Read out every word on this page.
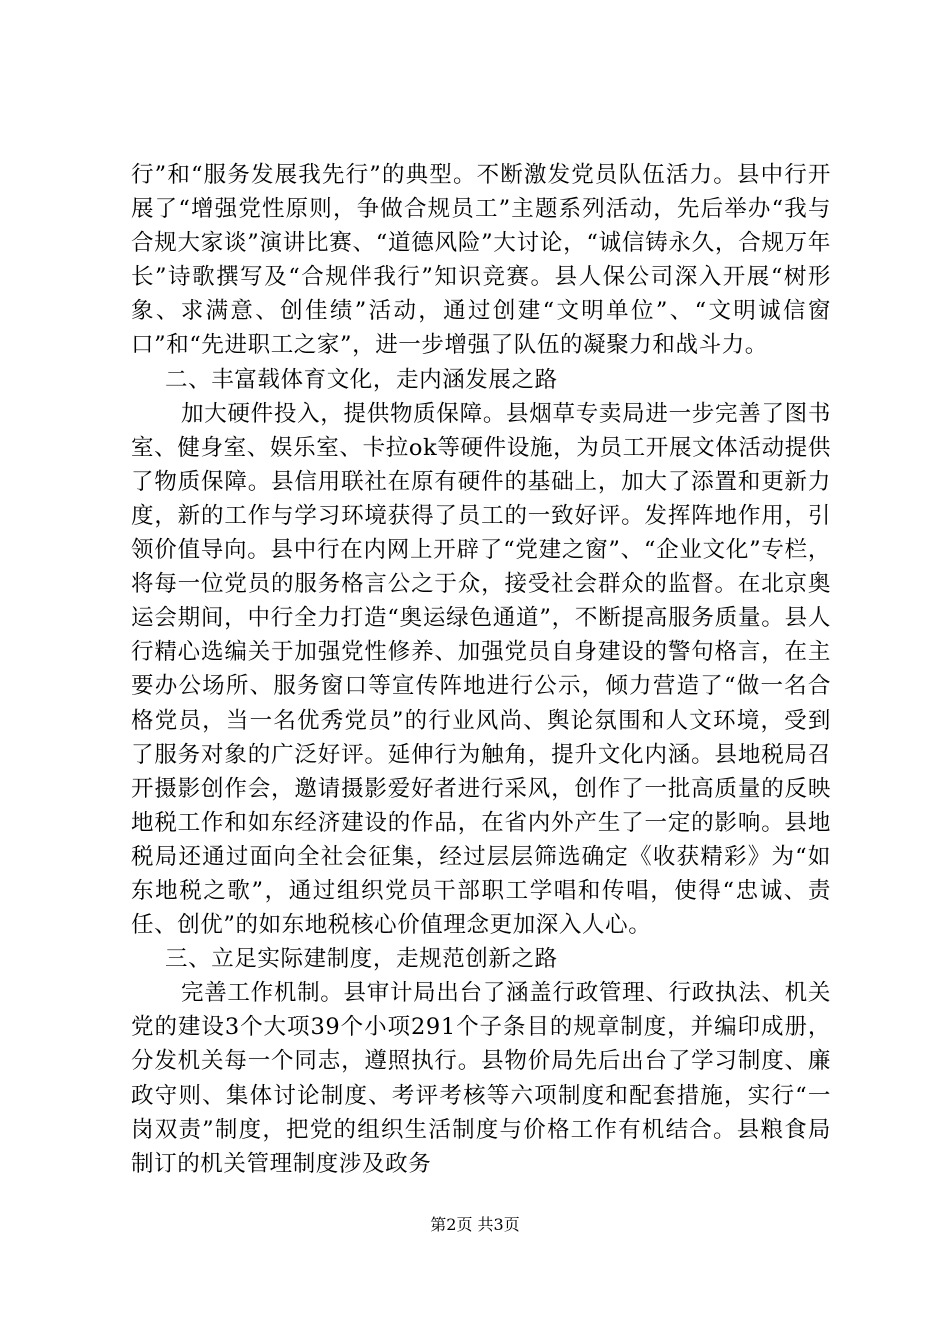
行”和“服务发展我先行”的典型。不断激发党员队伍活力。县中行开展了“增强党性原则，争做合规员工”主题系列活动，先后举办“我与合规大家谈”演讲比赛、“道德风险”大讨论，“诚信铸永久，合规万年长”诗歌撰写及“合规伴我行”知识竞赛。县人保公司深入开展“树形象、求满意、创佳绩”活动，通过创建“文明单位”、“文明诚信窗口”和“先进职工之家”，进一步增强了队伍的凝聚力和战斗力。

二、丰富载体育文化，走内涵发展之路

加大硬件投入，提供物质保障。县烟草专卖局进一步完善了图书室、健身室、娱乐室、卡拉ok等硬件设施，为员工开展文体活动提供了物质保障。县信用联社在原有硬件的基础上，加大了添置和更新力度，新的工作与学习环境获得了员工的一致好评。发挥阵地作用，引领价值导向。县中行在内网上开辟了“党建之窗”、“企业文化”专栏，将每一位党员的服务格言公之于众，接受社会群众的监督。在北京奥运会期间，中行全力打造“奥运绿色通道”，不断提高服务质量。县人行精心选编关于加强党性修养、加强党员自身建设的警句格言，在主要办公场所、服务窗口等宣传阵地进行公示，倾力营造了“做一名合格党员，当一名优秀党员”的行业风尚、舆论氛围和人文环境，受到了服务对象的广泛好评。延伸行为触角，提升文化内涵。县地税局召开摄影创作会，邀请摄影爱好者进行采风，创作了一批高质量的反映地税工作和如东经济建设的作品，在省内外产生了一定的影响。县地税局还通过面向全社会征集，经过层层筛选确定《收获精彩》为“如东地税之歌”，通过组织党员干部职工学唱和传唱，使得“忠诚、责任、创优”的如东地税核心价值理念更加深入人心。

三、立足实际建制度，走规范创新之路

完善工作机制。县审计局出台了涵盖行政管理、行政执法、机关党的建设3个大项39个小项291个子条目的规章制度，并编印成册，分发机关每一个同志，遵照执行。县物价局先后出台了学习制度、廉政守则、集体讨论制度、考评考核等六项制度和配套措施，实行“一岗双责”制度，把党的组织生活制度与价格工作有机结合。县粮食局制订的机关管理制度涉及政务

第2页 共3页
